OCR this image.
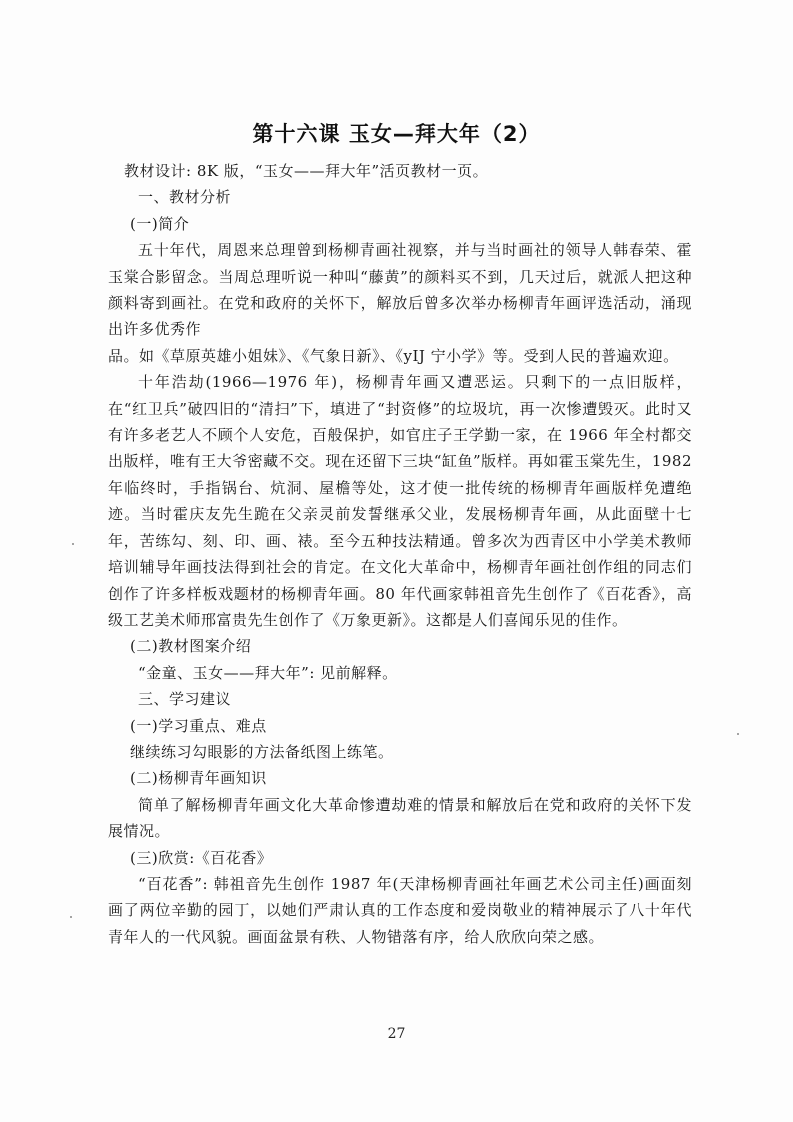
第十六课 玉女—拜大年（2）

教材设计: 8K 版，“玉女——拜大年”活页教材一页。

一、教材分析

(一)简介

五十年代，周恩来总理曾到杨柳青画社视察，并与当时画社的领导人韩春荣、霍玉棠合影留念。当周总理听说一种叫“藤黄”的颜料买不到，几天过后，就派人把这种颜料寄到画社。在党和政府的关怀下，解放后曾多次举办杨柳青年画评选活动，涌现出许多优秀作

品。如《草原英雄小姐妹》、《气象日新》、《yIJ 宁小学》等。受到人民的普遍欢迎。

十年浩劫(1966—1976 年)，杨柳青年画又遭恶运。只剩下的一点旧版样，在“红卫兵”破四旧的“清扫”下，填进了“封资修”的垃圾坑，再一次惨遭毁灭。此时又有许多老艺人不顾个人安危，百般保护，如官庄子王学勤一家，在 1966 年全村都交出版样，唯有王大爷密藏不交。现在还留下三块“缸鱼”版样。再如霍玉棠先生，1982 年临终时，手指锅台、炕洞、屋檐等处，这才使一批传统的杨柳青年画版样免遭绝迹。当时霍庆友先生跪在父亲灵前发誓继承父业，发展杨柳青年画，从此面壁十七年，苦练勾、刻、印、画、裱。至今五种技法精通。曾多次为西青区中小学美术教师培训辅导年画技法得到社会的肯定。在文化大革命中，杨柳青年画社创作组的同志们创作了许多样板戏题材的杨柳青年画。80 年代画家韩祖音先生创作了《百花香》，高级工艺美术师邢富贵先生创作了《万象更新》。这都是人们喜闻乐见的佳作。

(二)教材图案介绍

“金童、玉女——拜大年”: 见前解释。

三、学习建议

(一)学习重点、难点

继续练习勾眼影的方法备纸图上练笔。

(二)杨柳青年画知识

简单了解杨柳青年画文化大革命惨遭劫难的情景和解放后在党和政府的关怀下发展情况。

(三)欣赏:《百花香》

“百花香”: 韩祖音先生创作 1987 年(天津杨柳青画社年画艺术公司主任)画面刻画了两位辛勤的园丁，以她们严肃认真的工作态度和爱岗敬业的精神展示了八十年代青年人的一代风貌。画面盆景有秩、人物错落有序，给人欣欣向荣之感。

27
